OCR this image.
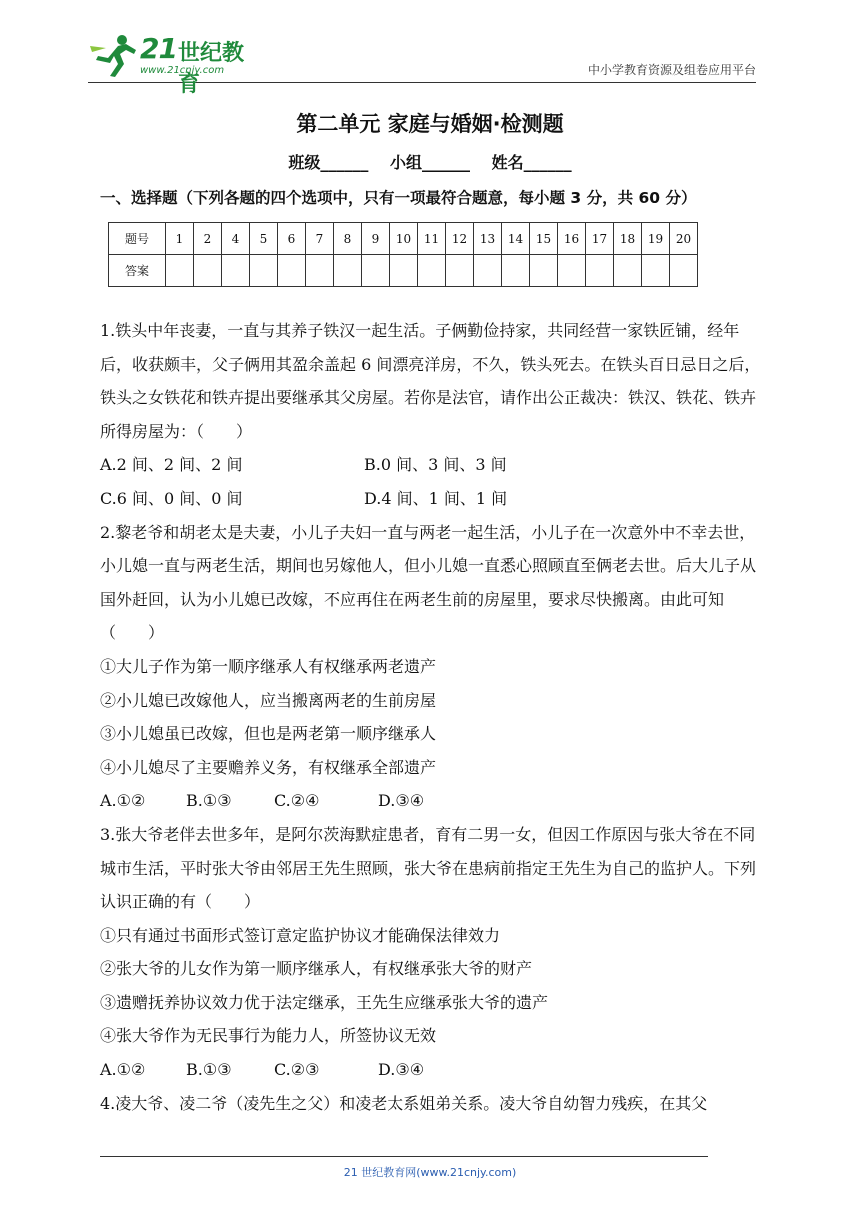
21 世纪教育
www.21cnjy.com	中小学教育资源及组卷应用平台
第二单元 家庭与婚姻·检测题
班级______ 小组______ 姓名______
一、选择题（下列各题的四个选项中，只有一项最符合题意，每小题 3 分，共 60 分）
题号	1	2	4	5	6	7	8	9	10	11	12	13	14	15	16	17	18	19	20
答案																			

1.铁头中年丧妻，一直与其养子铁汉一起生活。子俩勤俭持家，共同经营一家铁匠铺，经年后，收获颇丰，父子俩用其盈余盖起 6 间漂亮洋房，不久，铁头死去。在铁头百日忌日之后，铁头之女铁花和铁卉提出要继承其父房屋。若你是法官，请作出公正裁决：铁汉、铁花、铁卉所得房屋为：（　　）

A.2 间、2 间、2 间	B.0 间、3 间、3 间

C.6 间、0 间、0 间	D.4 间、1 间、1 间

2.黎老爷和胡老太是夫妻，小儿子夫妇一直与两老一起生活，小儿子在一次意外中不幸去世，小儿媳一直与两老生活，期间也另嫁他人，但小儿媳一直悉心照顾直至俩老去世。后大儿子从国外赶回，认为小儿媳已改嫁，不应再住在两老生前的房屋里，要求尽快搬离。由此可知（　　）

①大儿子作为第一顺序继承人有权继承两老遗产

②小儿媳已改嫁他人，应当搬离两老的生前房屋

③小儿媳虽已改嫁，但也是两老第一顺序继承人

④小儿媳尽了主要赡养义务，有权继承全部遗产

A.①②	B.①③	C.②④	D.③④

3.张大爷老伴去世多年，是阿尔茨海默症患者，育有二男一女，但因工作原因与张大爷在不同城市生活，平时张大爷由邻居王先生照顾，张大爷在患病前指定王先生为自己的监护人。下列认识正确的有（　　）

①只有通过书面形式签订意定监护协议才能确保法律效力

②张大爷的儿女作为第一顺序继承人，有权继承张大爷的财产

③遗赠抚养协议效力优于法定继承，王先生应继承张大爷的遗产

④张大爷作为无民事行为能力人，所签协议无效

A.①②	B.①③	C.②③	D.③④

4.凌大爷、凌二爷（凌先生之父）和凌老太系姐弟关系。凌大爷自幼智力残疾，在其父

21 世纪教育网(www.21cnjy.com)
